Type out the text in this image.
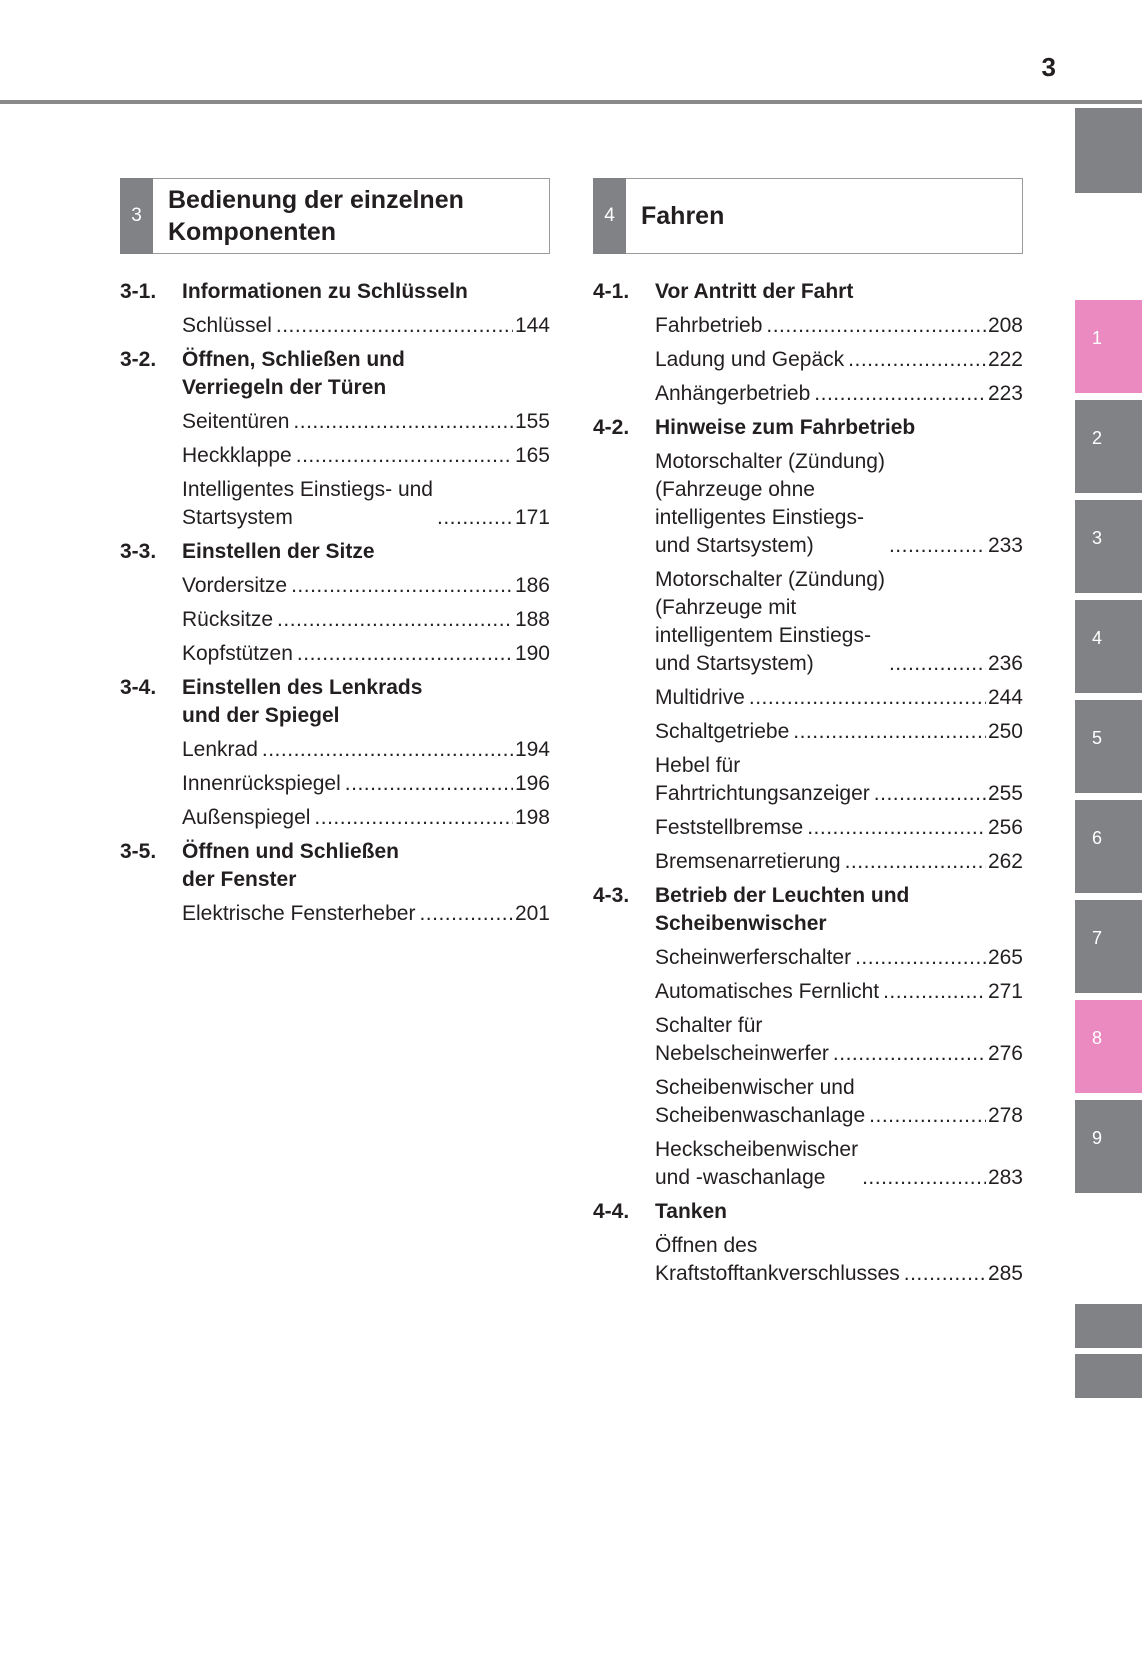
3
1
2
3
4
5
6
7
8
9
3
Bedienung der einzelnen
Komponenten
3-1.	Informationen zu Schlüsseln
Schlüssel .....	144
3-2.	Öffnen, Schließen und
Verriegeln der Türen
Seitentüren .....	155
Heckklappe .....	165
Intelligentes Einstiegs- und
Startsystem .....	171
3-3.	Einstellen der Sitze
Vordersitze .....	186
Rücksitze .....	188
Kopfstützen .....	190
3-4.	Einstellen des Lenkrads
und der Spiegel
Lenkrad .....	194
Innenrückspiegel .....	196
Außenspiegel .....	198
3-5.	Öffnen und Schließen
der Fenster
Elektrische Fensterheber .....	201
4	Fahren
4-1.	Vor Antritt der Fahrt
Fahrbetrieb .....	208
Ladung und Gepäck .....	222
Anhängerbetrieb .....	223
4-2.	Hinweise zum Fahrbetrieb
Motorschalter (Zündung)
(Fahrzeuge ohne
intelligentes Einstiegs-
und Startsystem) .....	233
Motorschalter (Zündung)
(Fahrzeuge mit
intelligentem Einstiegs-
und Startsystem) .....	236
Multidrive .....	244
Schaltgetriebe .....	250
Hebel für
Fahrtrichtungsanzeiger .....	255
Feststellbremse .....	256
Bremsenarretierung .....	262
4-3.	Betrieb der Leuchten und
Scheibenwischer
Scheinwerferschalter .....	265
Automatisches Fernlicht .....	271
Schalter für
Nebelscheinwerfer .....	276
Scheibenwischer und
Scheibenwaschanlage .....	278
Heckscheibenwischer
und -waschanlage .....	283
4-4.	Tanken
Öffnen des
Kraftstofftankverschlusses .....	285
